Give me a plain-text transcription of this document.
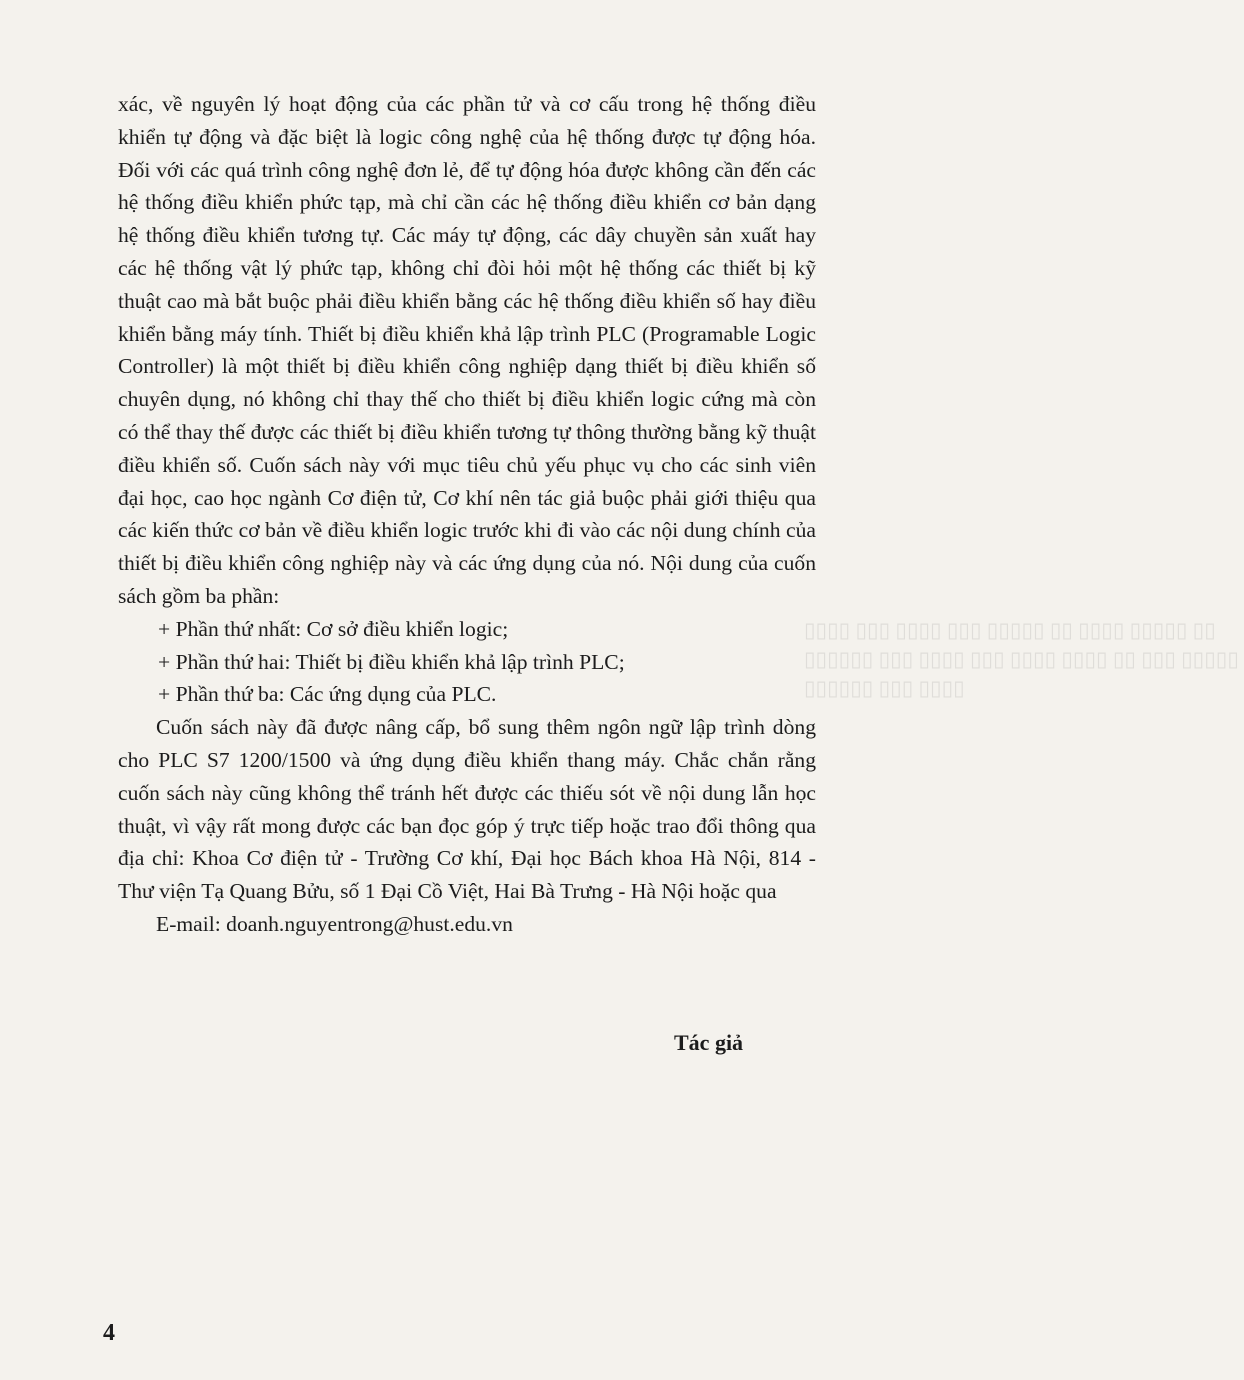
▯▯▯▯ ▯▯▯ ▯▯▯▯ ▯▯▯ ▯▯▯▯▯ ▯▯ ▯▯▯▯ ▯▯▯▯▯ ▯▯ ▯▯▯▯▯▯ ▯▯▯ ▯▯▯▯ ▯▯▯ ▯▯▯▯ ▯▯▯▯ ▯▯ ▯▯▯ ▯▯▯▯▯ ▯▯▯▯▯▯ ▯▯▯ ▯▯▯▯

xác, về nguyên lý hoạt động của các phần tử và cơ cấu trong hệ thống điều khiển tự động và đặc biệt là logic công nghệ của hệ thống được tự động hóa. Đối với các quá trình công nghệ đơn lẻ, để tự động hóa được không cần đến các hệ thống điều khiển phức tạp, mà chỉ cần các hệ thống điều khiển cơ bản dạng hệ thống điều khiển tương tự. Các máy tự động, các dây chuyền sản xuất hay các hệ thống vật lý phức tạp, không chỉ đòi hỏi một hệ thống các thiết bị kỹ thuật cao mà bắt buộc phải điều khiển bằng các hệ thống điều khiển số hay điều khiển bằng máy tính. Thiết bị điều khiển khả lập trình PLC (Programable Logic Controller) là một thiết bị điều khiển công nghiệp dạng thiết bị điều khiển số chuyên dụng, nó không chỉ thay thế cho thiết bị điều khiển logic cứng mà còn có thể thay thế được các thiết bị điều khiển tương tự thông thường bằng kỹ thuật điều khiển số. Cuốn sách này với mục tiêu chủ yếu phục vụ cho các sinh viên đại học, cao học ngành Cơ điện tử, Cơ khí nên tác giả buộc phải giới thiệu qua các kiến thức cơ bản về điều khiển logic trước khi đi vào các nội dung chính của thiết bị điều khiển công nghiệp này và các ứng dụng của nó. Nội dung của cuốn sách gồm ba phần:

+ Phần thứ nhất: Cơ sở điều khiển logic;

+ Phần thứ hai: Thiết bị điều khiển khả lập trình PLC;

+ Phần thứ ba: Các ứng dụng của PLC.

Cuốn sách này đã được nâng cấp, bổ sung thêm ngôn ngữ lập trình dòng cho PLC S7 1200/1500 và ứng dụng điều khiển thang máy. Chắc chắn rằng cuốn sách này cũng không thể tránh hết được các thiếu sót về nội dung lẫn học thuật, vì vậy rất mong được các bạn đọc góp ý trực tiếp hoặc trao đổi thông qua địa chỉ: Khoa Cơ điện tử - Trường Cơ khí, Đại học Bách khoa Hà Nội, 814 - Thư viện Tạ Quang Bửu, số 1 Đại Cồ Việt, Hai Bà Trưng - Hà Nội hoặc qua

E-mail: doanh.nguyentrong@hust.edu.vn

Tác giả
4
